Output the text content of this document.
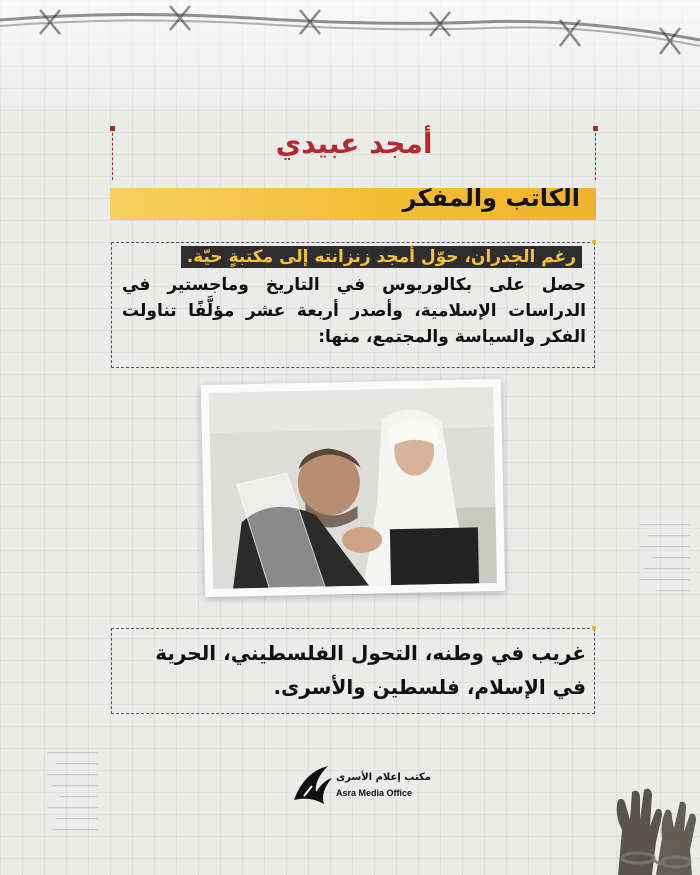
━━━━━━━━━━━━
━━━━━━━━━━
━━━━━━━━━━━━
━━━━━━━━━
━━━━━━━━━━━
━━━━━━━━━━━━
━━━━━━━━
━━━━━━━━━━━━
━━━━━━━━━━
━━━━━━━━━━━━
━━━━━━━━━━━
━━━━━━━━━
━━━━━━━━━━━━
━━━━━━━━━━
━━━━━━━━━━━
أمجد عبيدي
الكاتب والمفكر
رغم الجدران، حوّل أمجد زنزانته إلى مكتبةٍ حيّة.
حصل على بكالوريوس في التاريخ وماجستير في الدراسات الإسلامية، وأصدر أربعة عشر مؤلَّفًا تناولت الفكر والسياسة والمجتمع، منها:
غريب في وطنه، التحول الفلسطيني، الحرية في الإسلام، فلسطين والأسرى.
مكتب إعلام الأسرى
Asra Media Office
